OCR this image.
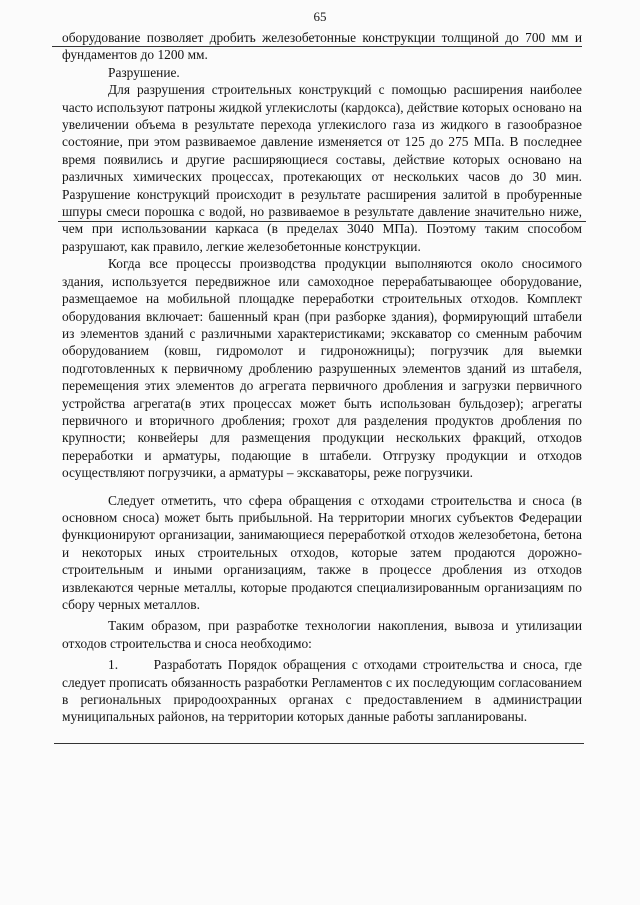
65

оборудование позволяет дробить железобетонные конструкции толщиной до 700 мм и фундаментов до 1200 мм.

Разрушение.

Для разрушения строительных конструкций с помощью расширения наиболее часто используют патроны жидкой углекислоты (кардокса), действие которых основано на увеличении объема в результате перехода углекислого газа из жидкого в газообразное состояние, при этом развиваемое давление изменяется от 125 до 275 МПа. В последнее время появились и другие расширяющиеся составы, действие которых основано на различных химических процессах, протекающих от нескольких часов до 30 мин. Разрушение конструкций происходит в результате расширения залитой в пробуренные шпуры смеси порошка с водой, но развиваемое в результате давление значительно ниже, чем при использовании каркаса (в пределах 3040 МПа). Поэтому таким способом разрушают, как правило, легкие железобетонные конструкции.

Когда все процессы производства продукции выполняются около сносимого здания, используется передвижное или самоходное перерабатывающее оборудование, размещаемое на мобильной площадке переработки строительных отходов. Комплект оборудования включает: башенный кран (при разборке здания), формирующий штабели из элементов зданий с различными характеристиками; экскаватор со сменным рабочим оборудованием (ковш, гидромолот и гидроножницы); погрузчик для выемки подготовленных к первичному дроблению разрушенных элементов зданий из штабеля, перемещения этих элементов до агрегата первичного дробления и загрузки первичного устройства агрегата(в этих процессах может быть использован бульдозер); агрегаты первичного и вторичного дробления; грохот для разделения продуктов дробления по крупности; конвейеры для размещения продукции нескольких фракций, отходов переработки и арматуры, подающие в штабели. Отгрузку продукции и отходов осуществляют погрузчики, а арматуры – экскаваторы, реже погрузчики.

Следует отметить, что сфера обращения с отходами строительства и сноса (в основном сноса) может быть прибыльной. На территории многих субъектов Федерации функционируют организации, занимающиеся переработкой отходов железобетона, бетона и некоторых иных строительных отходов, которые затем продаются дорожно-строительным и иными организациям, также в процессе дробления из отходов извлекаются черные металлы, которые продаются специализированным организациям по сбору черных металлов.

Таким образом, при разработке технологии накопления, вывоза и утилизации отходов строительства и сноса необходимо:

1.      Разработать Порядок обращения с отходами строительства и сноса, где следует прописать обязанность разработки Регламентов с их последующим согласованием в региональных природоохранных органах с предоставлением в администрации муниципальных районов, на территории которых данные работы запланированы.
